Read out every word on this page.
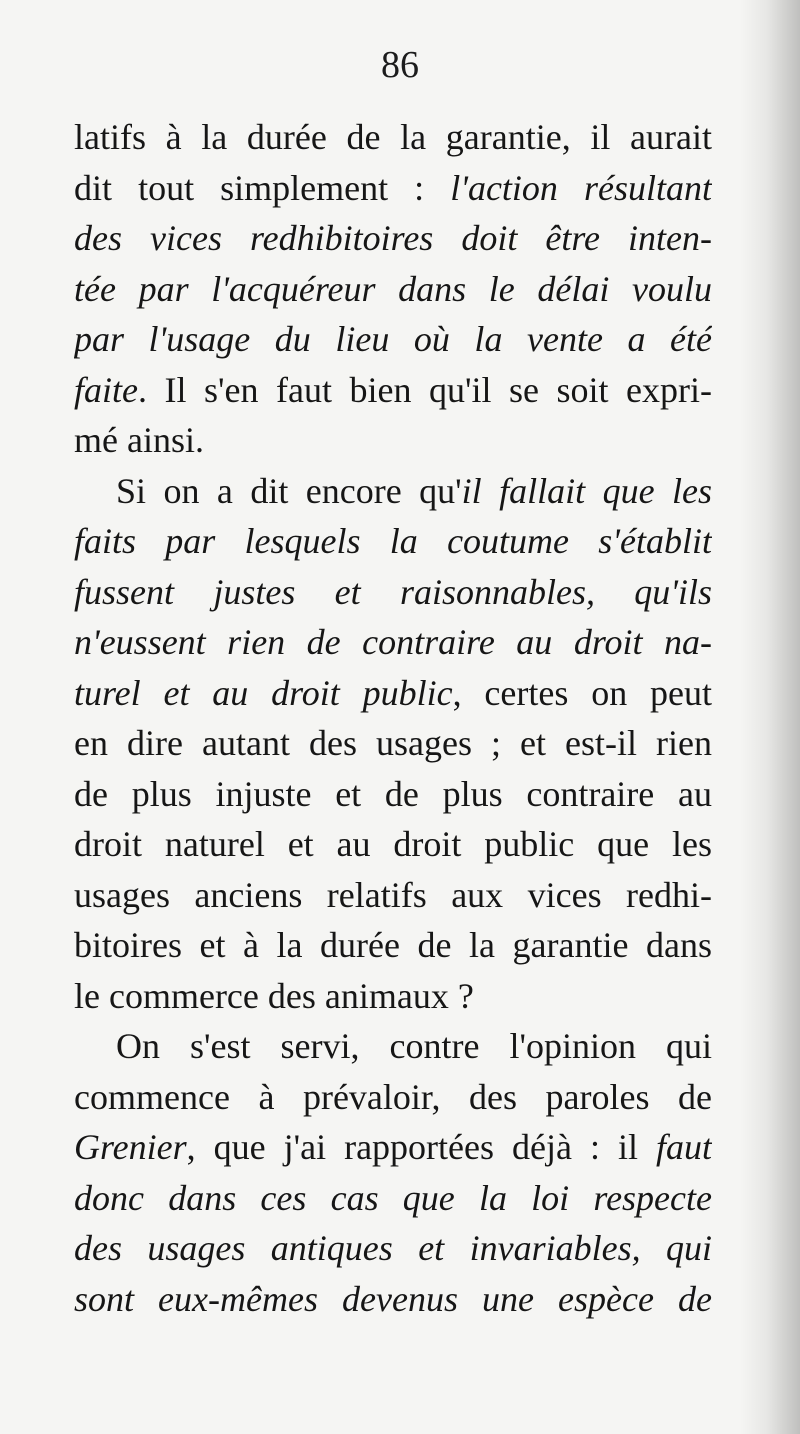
86
latifs à la durée de la garantie, il aurait
dit tout simplement : l'action résultant
des vices redhibitoires doit être inten-
tée par l'acquéreur dans le délai voulu
par l'usage du lieu où la vente a été
faite. Il s'en faut bien qu'il se soit expri-
mé ainsi.
Si on a dit encore qu'il fallait que les
faits par lesquels la coutume s'établit
fussent justes et raisonnables, qu'ils
n'eussent rien de contraire au droit na-
turel et au droit public, certes on peut
en dire autant des usages ; et est-il rien
de plus injuste et de plus contraire au
droit naturel et au droit public que les
usages anciens relatifs aux vices redhi-
bitoires et à la durée de la garantie dans
le commerce des animaux ?
On s'est servi, contre l'opinion qui
commence à prévaloir, des paroles de
Grenier, que j'ai rapportées déjà : il faut
donc dans ces cas que la loi respecte
des usages antiques et invariables, qui
sont eux-mêmes devenus une espèce de
